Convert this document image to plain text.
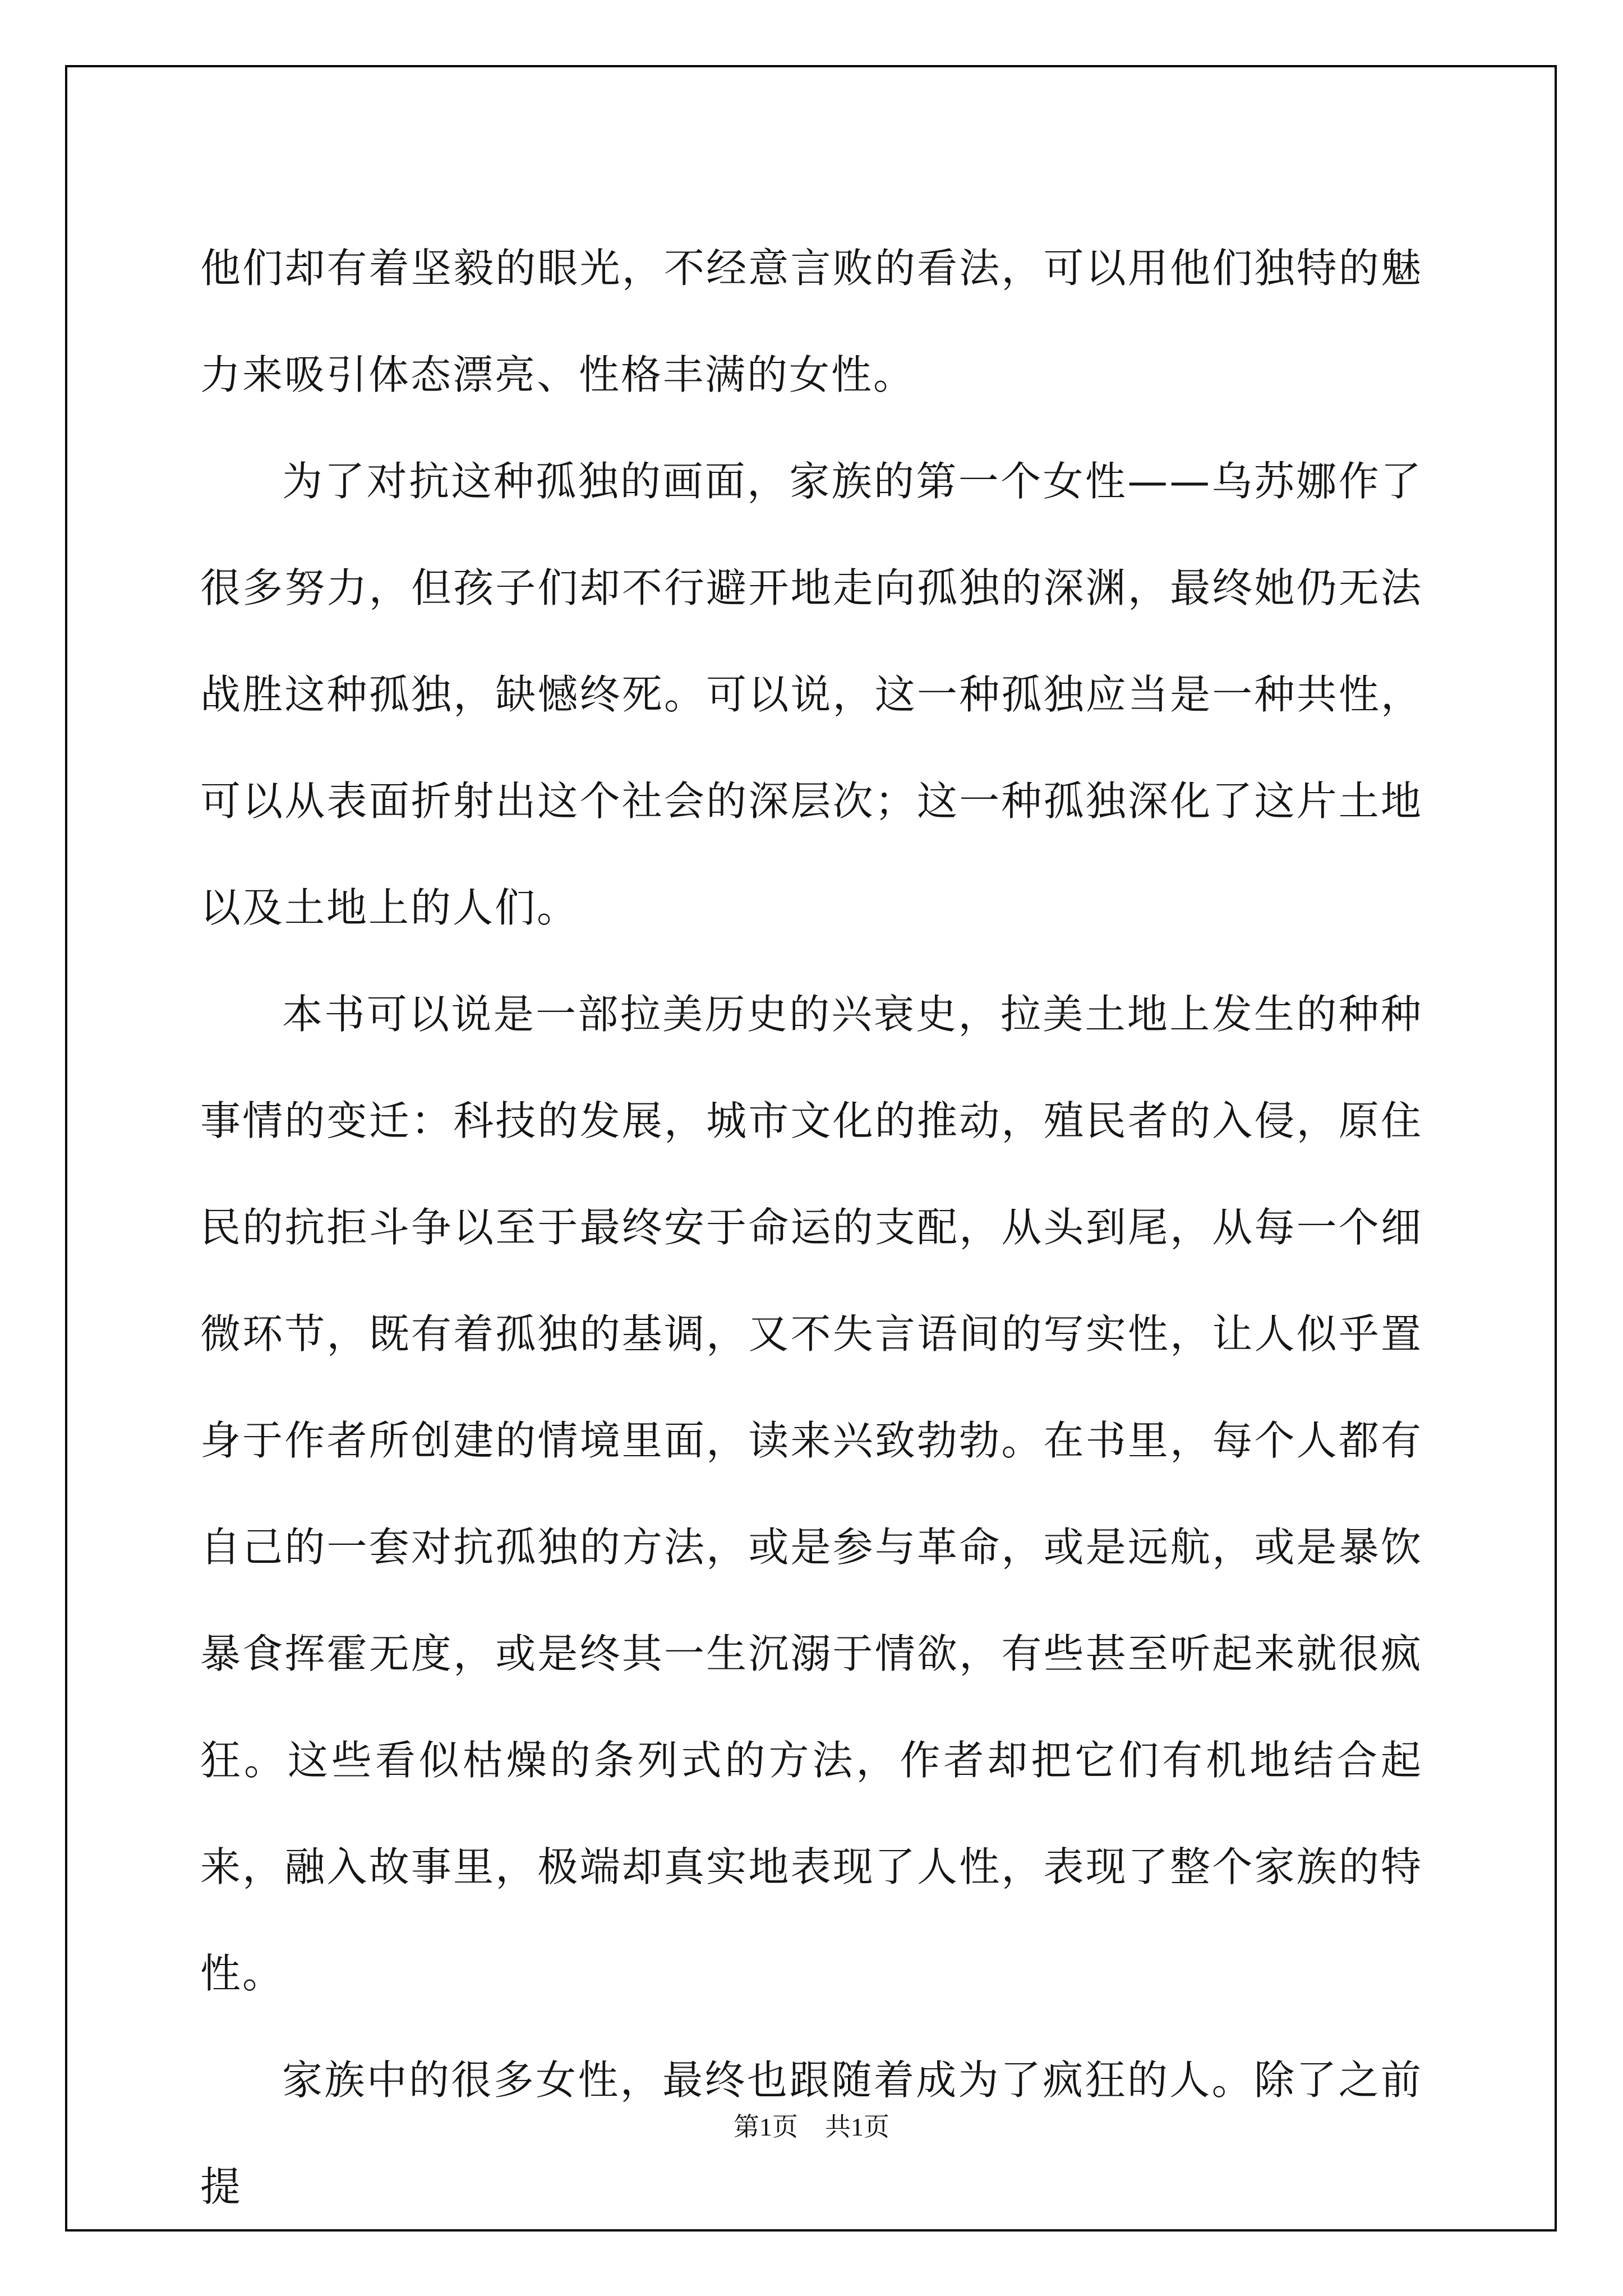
他们却有着坚毅的眼光，不经意言败的看法，可以用他们独特的魅力来吸引体态漂亮、性格丰满的女性。

为了对抗这种孤独的画面，家族的第一个女性——乌苏娜作了很多努力，但孩子们却不行避开地走向孤独的深渊，最终她仍无法战胜这种孤独，缺憾终死。可以说，这一种孤独应当是一种共性，可以从表面折射出这个社会的深层次；这一种孤独深化了这片土地以及土地上的人们。

本书可以说是一部拉美历史的兴衰史，拉美土地上发生的种种事情的变迁：科技的发展，城市文化的推动，殖民者的入侵，原住民的抗拒斗争以至于最终安于命运的支配，从头到尾，从每一个细微环节，既有着孤独的基调，又不失言语间的写实性，让人似乎置身于作者所创建的情境里面，读来兴致勃勃。在书里，每个人都有自己的一套对抗孤独的方法，或是参与革命，或是远航，或是暴饮暴食挥霍无度，或是终其一生沉溺于情欲，有些甚至听起来就很疯狂。这些看似枯燥的条列式的方法，作者却把它们有机地结合起来，融入故事里，极端却真实地表现了人性，表现了整个家族的特性。

家族中的很多女性，最终也跟随着成为了疯狂的人。除了之前提

第1页 共1页
